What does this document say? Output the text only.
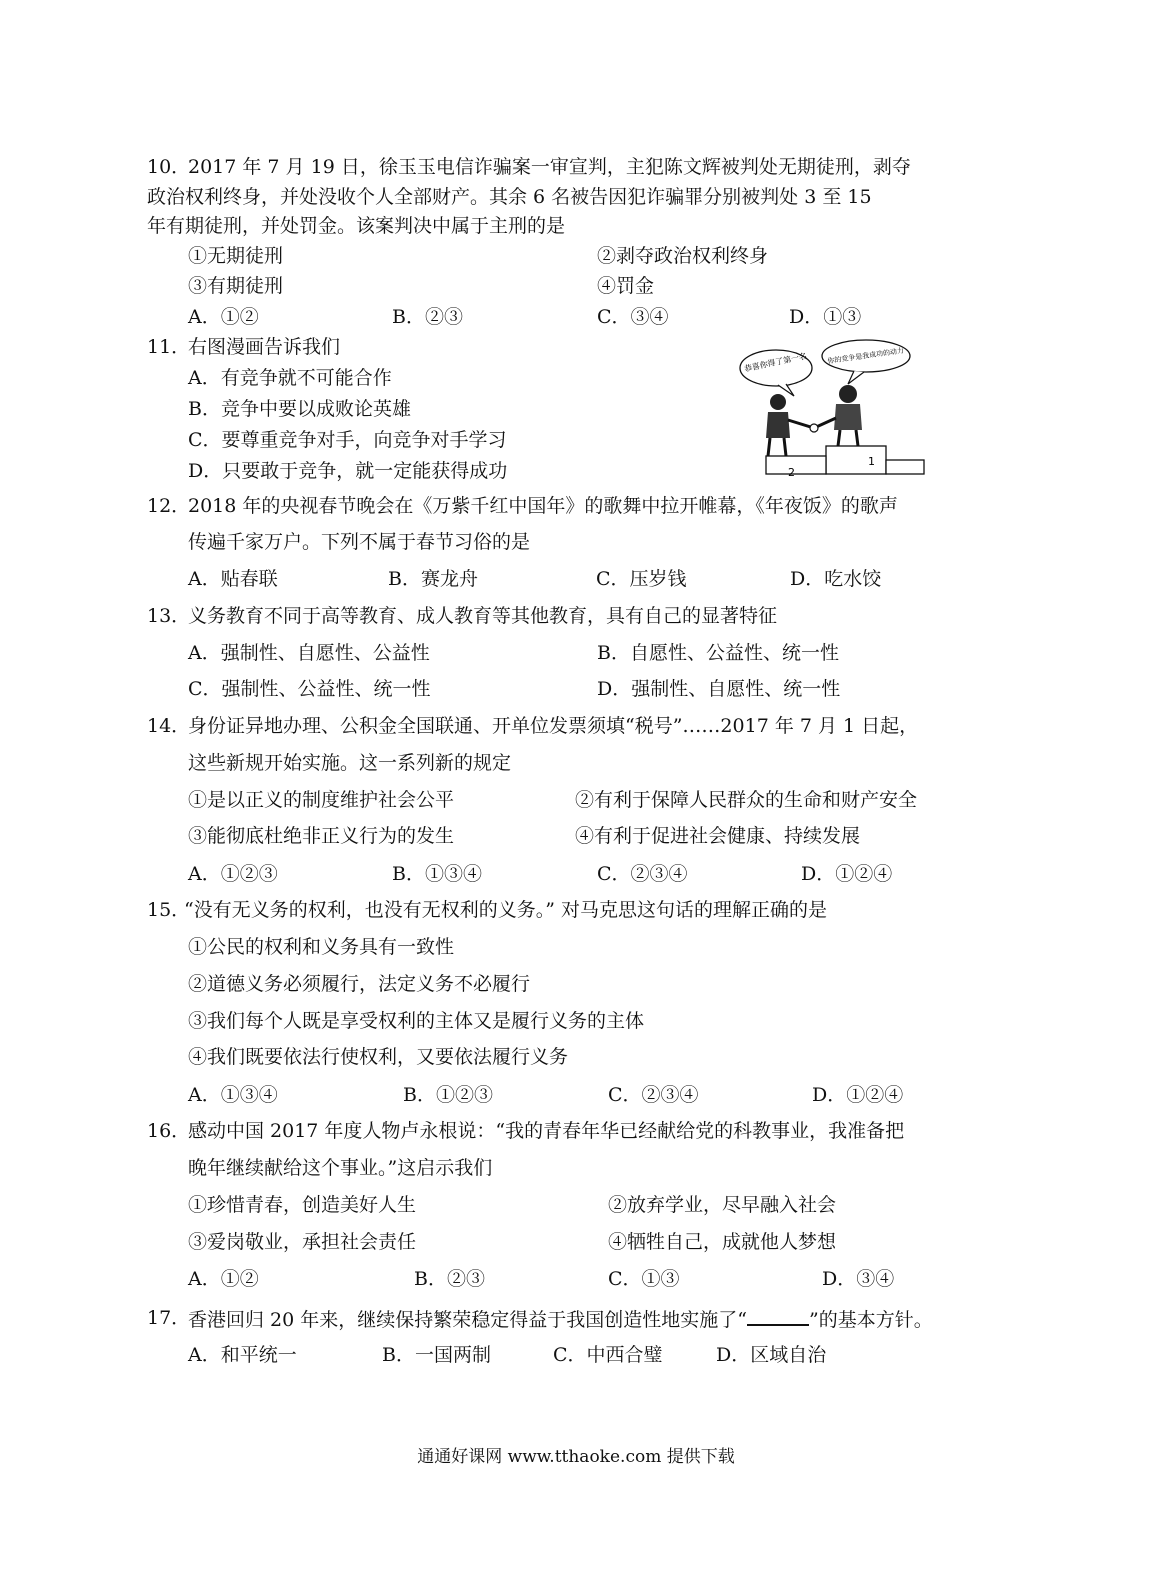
10．
2017 年 7 月 19 日，徐玉玉电信诈骗案一审宣判，主犯陈文辉被判处无期徒刑，剥夺
政治权利终身，并处没收个人全部财产。其余 6 名被告因犯诈骗罪分别被判处 3 至 15
年有期徒刑，并处罚金。该案判决中属于主刑的是
①无期徒刑	②剥夺政治权利终身
③有期徒刑	④罚金
A．①②	B．②③	C．③④	D．①③
11．
右图漫画告诉我们
A．有竞争就不可能合作
B．竞争中要以成败论英雄
C．要尊重竞争对手，向竞争对手学习
D．只要敢于竞争，就一定能获得成功
恭喜你得了第一名	你的竞争是我成功的动力
1
2
12．
2018 年的央视春节晚会在《万紫千红中国年》的歌舞中拉开帷幕，《年夜饭》的歌声
传遍千家万户。下列不属于春节习俗的是
A．贴春联	B．赛龙舟	C．压岁钱	D．吃水饺
13．
义务教育不同于高等教育、成人教育等其他教育，具有自己的显著特征
A．强制性、自愿性、公益性	B．自愿性、公益性、统一性
C．强制性、公益性、统一性	D．强制性、自愿性、统一性
14．
身份证异地办理、公积金全国联通、开单位发票须填“税号”……2017 年 7 月 1 日起，
这些新规开始实施。这一系列新的规定
①是以正义的制度维护社会公平	②有利于保障人民群众的生命和财产安全
③能彻底杜绝非正义行为的发生	④有利于促进社会健康、持续发展
A．①②③	B．①③④	C．②③④	D．①②④
15．
“没有无义务的权利，也没有无权利的义务。” 对马克思这句话的理解正确的是
①公民的权利和义务具有一致性
②道德义务必须履行，法定义务不必履行
③我们每个人既是享受权利的主体又是履行义务的主体
④我们既要依法行使权利，又要依法履行义务
A．①③④	B．①②③	C．②③④	D．①②④
16．
感动中国 2017 年度人物卢永根说：“我的青春年华已经献给党的科教事业，我准备把
晚年继续献给这个事业。”这启示我们
①珍惜青春，创造美好人生	②放弃学业，尽早融入社会
③爱岗敬业，承担社会责任	④牺牲自己，成就他人梦想
A．①②	B．②③	C．①③	D．③④
17．
香港回归 20 年来，继续保持繁荣稳定得益于我国创造性地实施了“	”的基本方针。
A．和平统一	B．一国两制	C．中西合璧	D．区域自治
通通好课网 www.tthaoke.com 提供下载
